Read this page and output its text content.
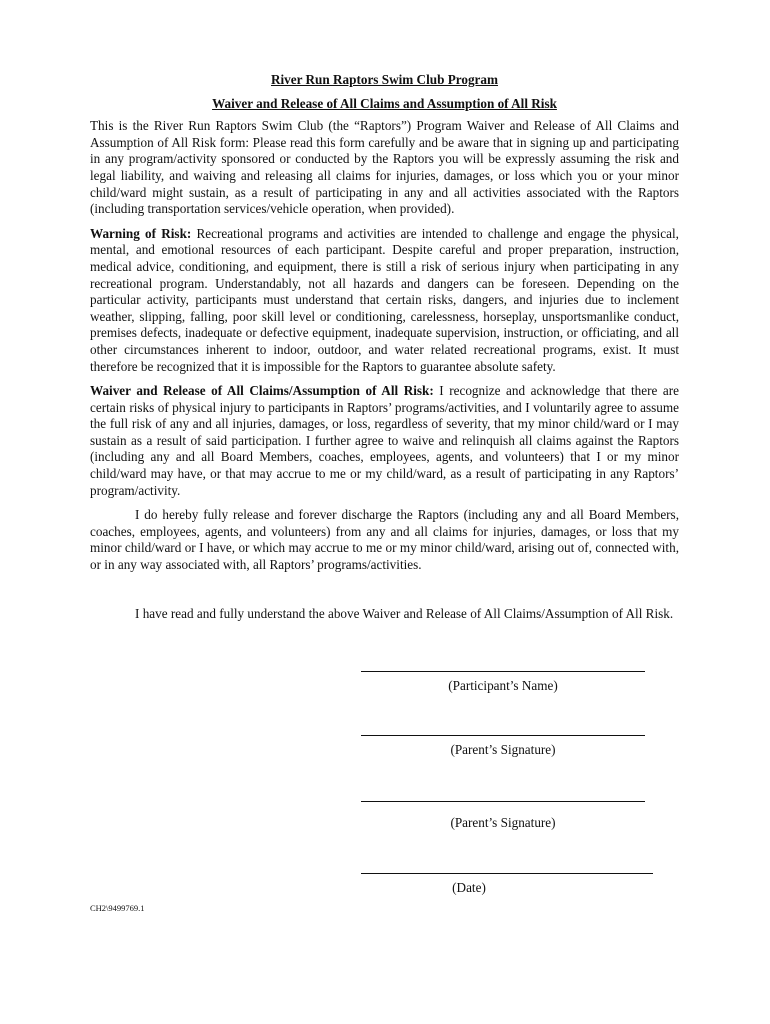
River Run Raptors Swim Club Program
Waiver and Release of All Claims and Assumption of All Risk

This is the River Run Raptors Swim Club (the “Raptors”) Program Waiver and Release of All Claims and Assumption of All Risk form: Please read this form carefully and be aware that in signing up and participating in any program/activity sponsored or conducted by the Raptors you will be expressly assuming the risk and legal liability, and waiving and releasing all claims for injuries, damages, or loss which you or your minor child/ward might sustain, as a result of participating in any and all activities associated with the Raptors (including transportation services/vehicle operation, when provided).

Warning of Risk: Recreational programs and activities are intended to challenge and engage the physical, mental, and emotional resources of each participant. Despite careful and proper preparation, instruction, medical advice, conditioning, and equipment, there is still a risk of serious injury when participating in any recreational program. Understandably, not all hazards and dangers can be foreseen. Depending on the particular activity, participants must understand that certain risks, dangers, and injuries due to inclement weather, slipping, falling, poor skill level or conditioning, carelessness, horseplay, unsportsmanlike conduct, premises defects, inadequate or defective equipment, inadequate supervision, instruction, or officiating, and all other circumstances inherent to indoor, outdoor, and water related recreational programs, exist. It must therefore be recognized that it is impossible for the Raptors to guarantee absolute safety.

Waiver and Release of All Claims/Assumption of All Risk: I recognize and acknowledge that there are certain risks of physical injury to participants in Raptors’ programs/activities, and I voluntarily agree to assume the full risk of any and all injuries, damages, or loss, regardless of severity, that my minor child/ward or I may sustain as a result of said participation. I further agree to waive and relinquish all claims against the Raptors (including any and all Board Members, coaches, employees, agents, and volunteers) that I or my minor child/ward may have, or that may accrue to me or my child/ward, as a result of participating in any Raptors’ program/activity.

I do hereby fully release and forever discharge the Raptors (including any and all Board Members, coaches, employees, agents, and volunteers) from any and all claims for injuries, damages, or loss that my minor child/ward or I have, or which may accrue to me or my minor child/ward, arising out of, connected with, or in any way associated with, all Raptors’ programs/activities.

I have read and fully understand the above Waiver and Release of All Claims/Assumption of All Risk.

(Participant’s Name)
(Parent’s Signature)
(Parent’s Signature)
(Date)
CH2\9499769.1
